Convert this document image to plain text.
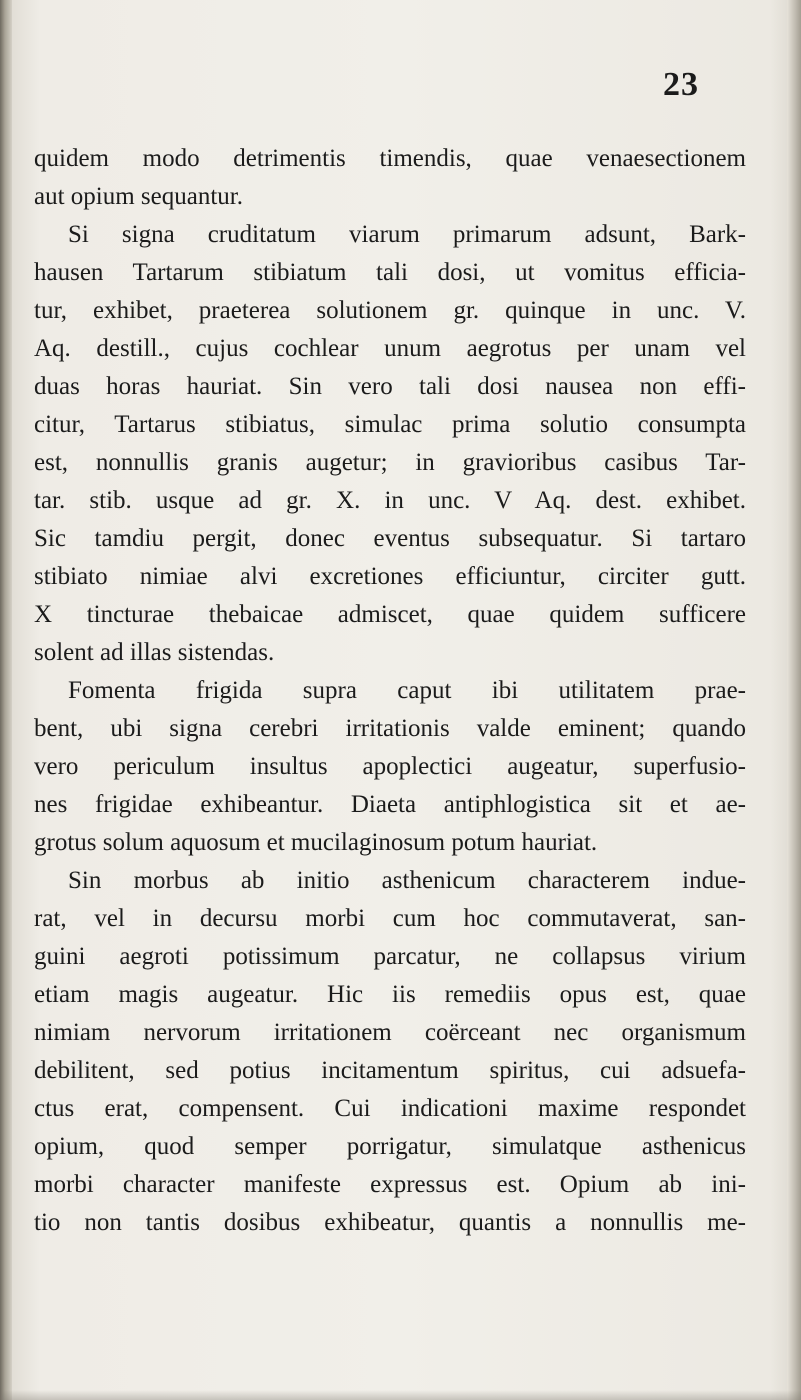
23
quidem modo detrimentis timendis, quae venaesectionem
aut opium sequantur.
Si signa cruditatum viarum primarum adsunt, Bark-
hausen Tartarum stibiatum tali dosi, ut vomitus efficia-
tur, exhibet, praeterea solutionem gr. quinque in unc. V.
Aq. destill., cujus cochlear unum aegrotus per unam vel
duas horas hauriat. Sin vero tali dosi nausea non effi-
citur, Tartarus stibiatus, simulac prima solutio consumpta
est, nonnullis granis augetur; in gravioribus casibus Tar-
tar. stib. usque ad gr. X. in unc. V Aq. dest. exhibet.
Sic tamdiu pergit, donec eventus subsequatur. Si tartaro
stibiato nimiae alvi excretiones efficiuntur, circiter gutt.
X tincturae thebaicae admiscet, quae quidem sufficere
solent ad illas sistendas.
Fomenta frigida supra caput ibi utilitatem prae-
bent, ubi signa cerebri irritationis valde eminent; quando
vero periculum insultus apoplectici augeatur, superfusio-
nes frigidae exhibeantur. Diaeta antiphlogistica sit et ae-
grotus solum aquosum et mucilaginosum potum hauriat.
Sin morbus ab initio asthenicum characterem indue-
rat, vel in decursu morbi cum hoc commutaverat, san-
guini aegroti potissimum parcatur, ne collapsus virium
etiam magis augeatur. Hic iis remediis opus est, quae
nimiam nervorum irritationem coërceant nec organismum
debilitent, sed potius incitamentum spiritus, cui adsuefa-
ctus erat, compensent. Cui indicationi maxime respondet
opium, quod semper porrigatur, simulatque asthenicus
morbi character manifeste expressus est. Opium ab ini-
tio non tantis dosibus exhibeatur, quantis a nonnullis me-
